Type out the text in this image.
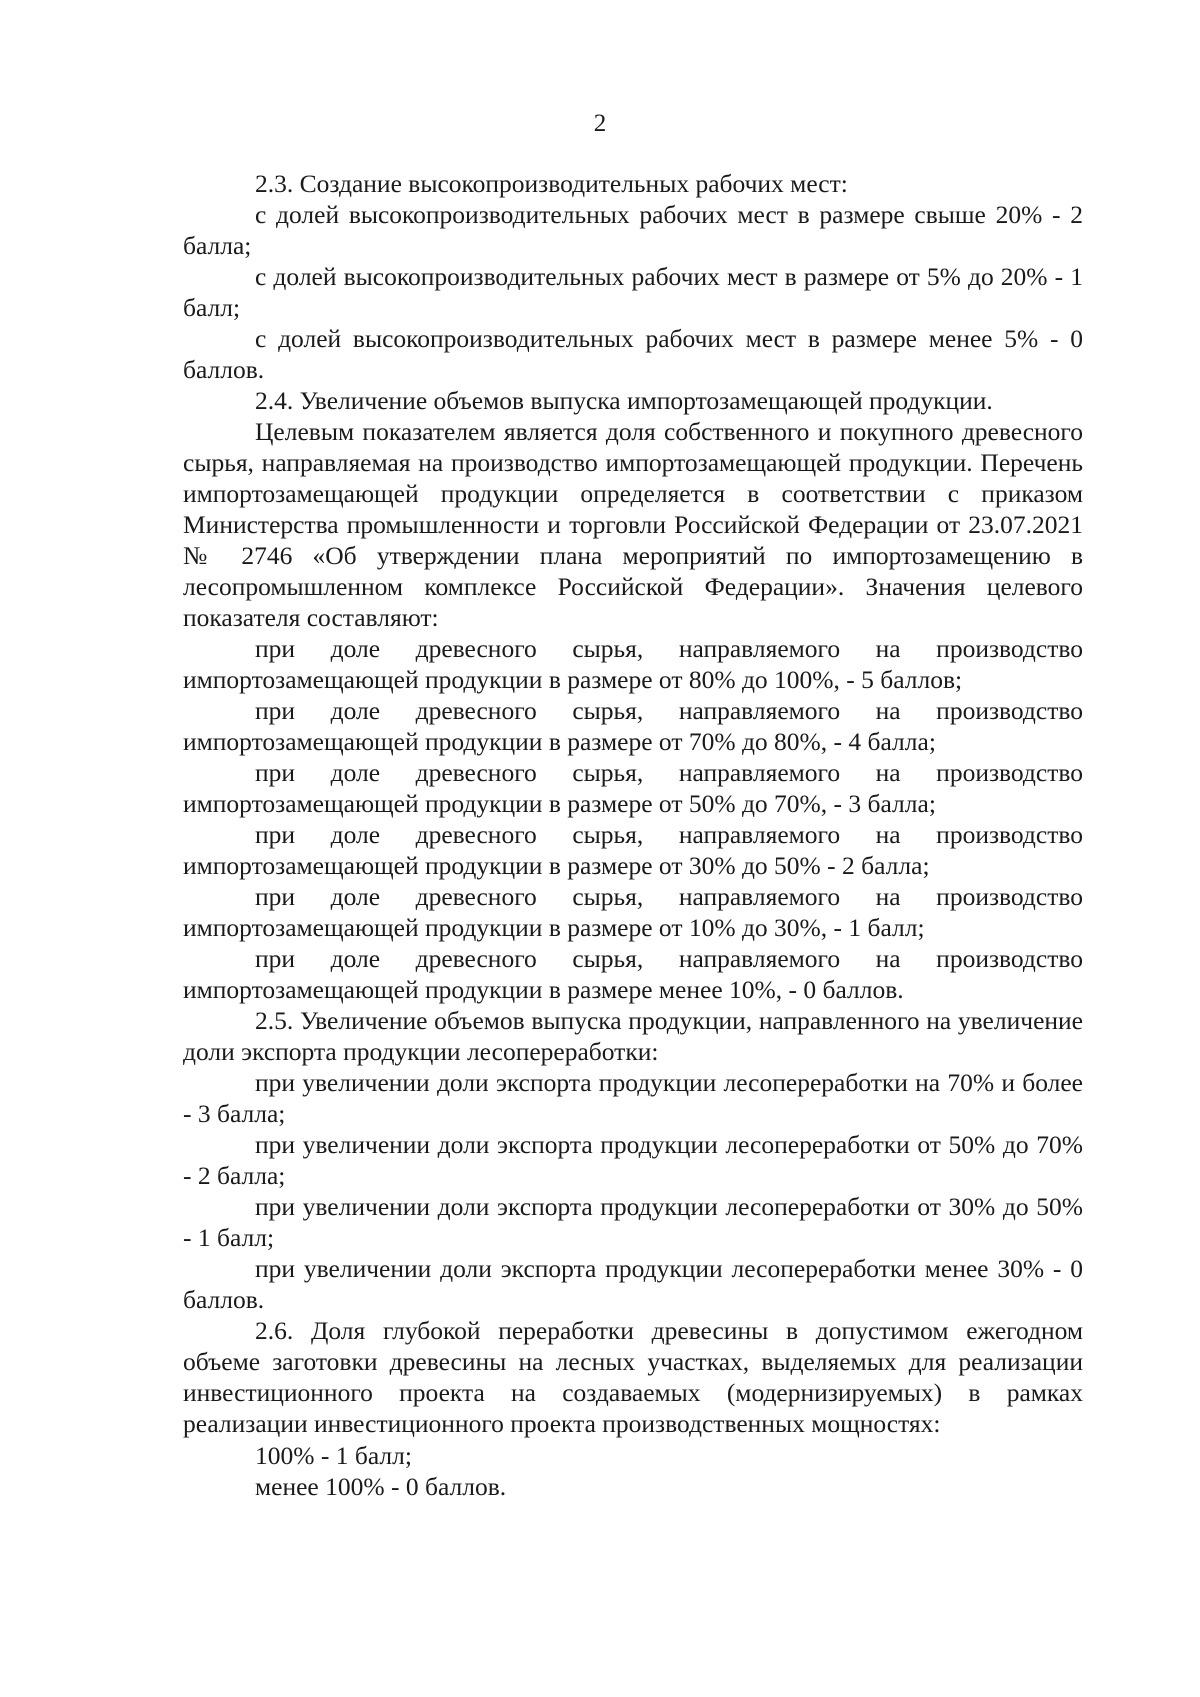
2

2.3. Создание высокопроизводительных рабочих мест:

с долей высокопроизводительных рабочих мест в размере свыше 20% - 2 балла;

с долей высокопроизводительных рабочих мест в размере от 5% до 20% - 1 балл;

с долей высокопроизводительных рабочих мест в размере менее 5% - 0 баллов.

2.4. Увеличение объемов выпуска импортозамещающей продукции.

Целевым показателем является доля собственного и покупного древесного сырья, направляемая на производство импортозамещающей продукции. Перечень импортозамещающей продукции определяется в соответствии с приказом Министерства промышленности и торговли Российской Федерации от 23.07.2021 № 2746 «Об утверждении плана мероприятий по импортозамещению в лесопромышленном комплексе Российской Федерации». Значения целевого показателя составляют:

при доле древесного сырья, направляемого на производство импортозамещающей продукции в размере от 80% до 100%, - 5 баллов;

при доле древесного сырья, направляемого на производство импортозамещающей продукции в размере от 70% до 80%, - 4 балла;

при доле древесного сырья, направляемого на производство импортозамещающей продукции в размере от 50% до 70%, - 3 балла;

при доле древесного сырья, направляемого на производство импортозамещающей продукции в размере от 30% до 50% - 2 балла;

при доле древесного сырья, направляемого на производство импортозамещающей продукции в размере от 10% до 30%, - 1 балл;

при доле древесного сырья, направляемого на производство импортозамещающей продукции в размере менее 10%, - 0 баллов.

2.5. Увеличение объемов выпуска продукции, направленного на увеличение доли экспорта продукции лесопереработки:

при увеличении доли экспорта продукции лесопереработки на 70% и более - 3 балла;

при увеличении доли экспорта продукции лесопереработки от 50% до 70% - 2 балла;

при увеличении доли экспорта продукции лесопереработки от 30% до 50% - 1 балл;

при увеличении доли экспорта продукции лесопереработки менее 30% - 0 баллов.

2.6. Доля глубокой переработки древесины в допустимом ежегодном объеме заготовки древесины на лесных участках, выделяемых для реализации инвестиционного проекта на создаваемых (модернизируемых) в рамках реализации инвестиционного проекта производственных мощностях:

100% - 1 балл;
менее 100% - 0 баллов.
